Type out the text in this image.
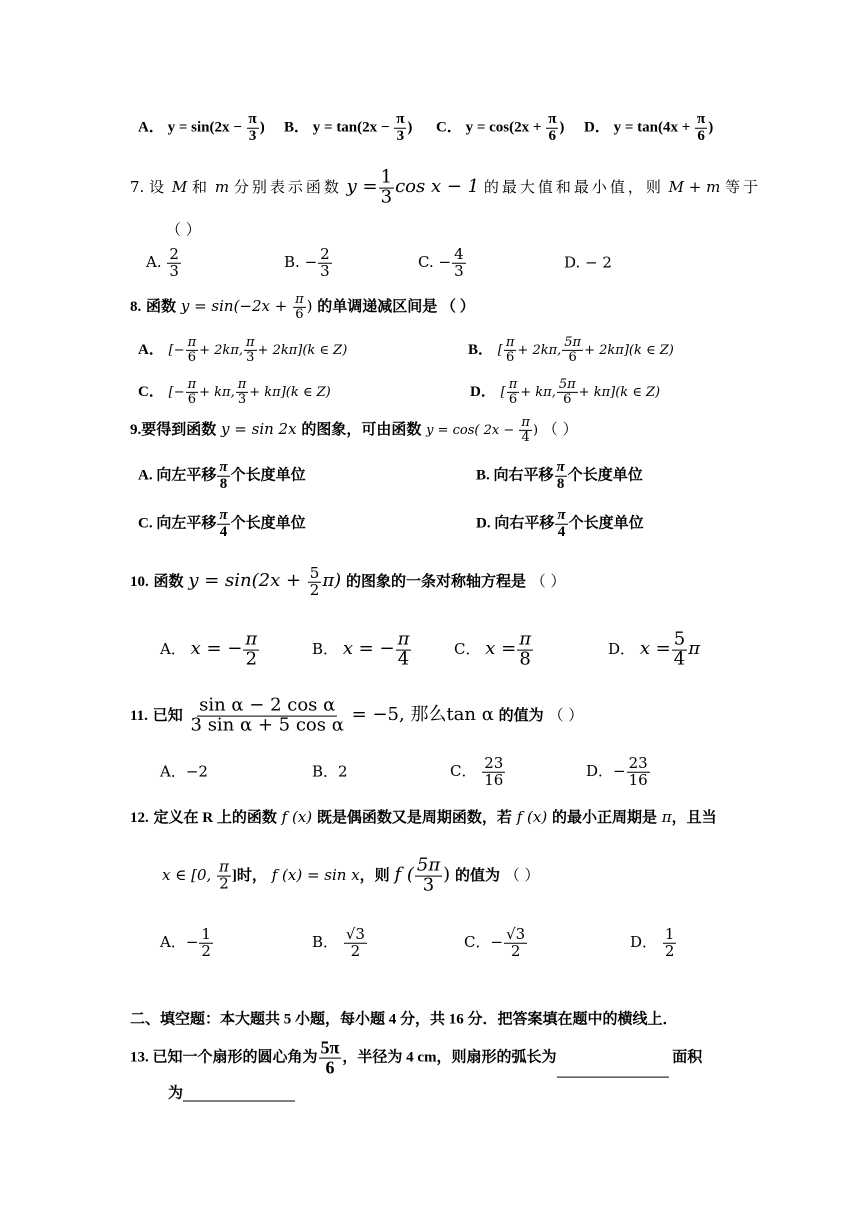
A． $y = \sin(2x - \frac{\pi}{3}$ ) B． $y = \tan(2x - \frac{\pi}{3}$ ) C． $y = \cos(2x + \frac{\pi}{6}$ ) D． $y = \tan(4x + \frac{\pi}{6}$ )
7. 设 M 和 m 分别表示函数 $y = \frac{1}{3}$ cos x − 1 的最大值和最小值，则 M + m 等于
（ ）
A. $\frac{2}{3}$	B. − $\frac{2}{3}$	C. − $\frac{4}{3}$	D. − 2
8. 函数 $y = \sin(-2x + \frac{\pi}{6}$ ) 的单调递减区间是 （ ）
A． [− $\frac{\pi}{6} + 2k\pi$, $\frac{\pi}{3} + 2k\pi](k$ ∈ Z)	B． [ $\frac{\pi}{6} + 2k\pi$, $\frac{5\pi}{6} + 2k\pi](k$ ∈ Z)
C． [− $\frac{\pi}{6} + k\pi$, $\frac{\pi}{3} + k\pi](k$ ∈ Z)	D． [ $\frac{\pi}{6} + k\pi$, $\frac{5\pi}{6} + k\pi](k$ ∈ Z)
9.要得到函数 y = sin 2x 的图象，可由函数 y = cos( $2x - \frac{\pi}{4}$ ) （ ）
A. 向左平移 $\frac{\pi}{8}$ 个长度单位	B. 向右平移 $\frac{\pi}{8}$ 个长度单位
C. 向左平移 $\frac{\pi}{4}$ 个长度单位	D. 向右平移 $\frac{\pi}{4}$ 个长度单位
10. 函数 $y = \sin(2x + \frac{5}{2} \pi)$ 的图象的一条对称轴方程是 （ ）
A． x = − $\frac{\pi}{2}$	B． x = − $\frac{\pi}{4}$	C． $x = \frac{\pi}{8}$	D． $x = \frac{5}{4}$ π
11. 已知 $\frac{\text{sin α − 2 cos α}}{\text{3 sin α + 5 cos α}} = -5$, 那么tan α 的值为 （ ）
A．−2	B．2	C． $\frac{23}{16}$	D．− $\frac{23}{16}$
12. 定义在 R 上的函数 f (x) 既是偶函数又是周期函数，若 f (x) 的最小正周期是 π，且当
x ∈ [0, $\frac{\pi}{2}$ ]时， f (x) = sin x，则 f ( $\frac{5\pi}{3}$ ) 的值为 （ ）
A．− $\frac{1}{2}$	B． $\frac{√3}{2}$	C．− $\frac{√3}{2}$	D． $\frac{1}{2}$
二、填空题：本大题共 5 小题，每小题 4 分，共 16 分．把答案填在题中的横线上．
13. 已知一个扇形的圆心角为 $\frac{5\pi}{6}$ ，半径为 4 cm，则扇形的弧长为	面积
为
